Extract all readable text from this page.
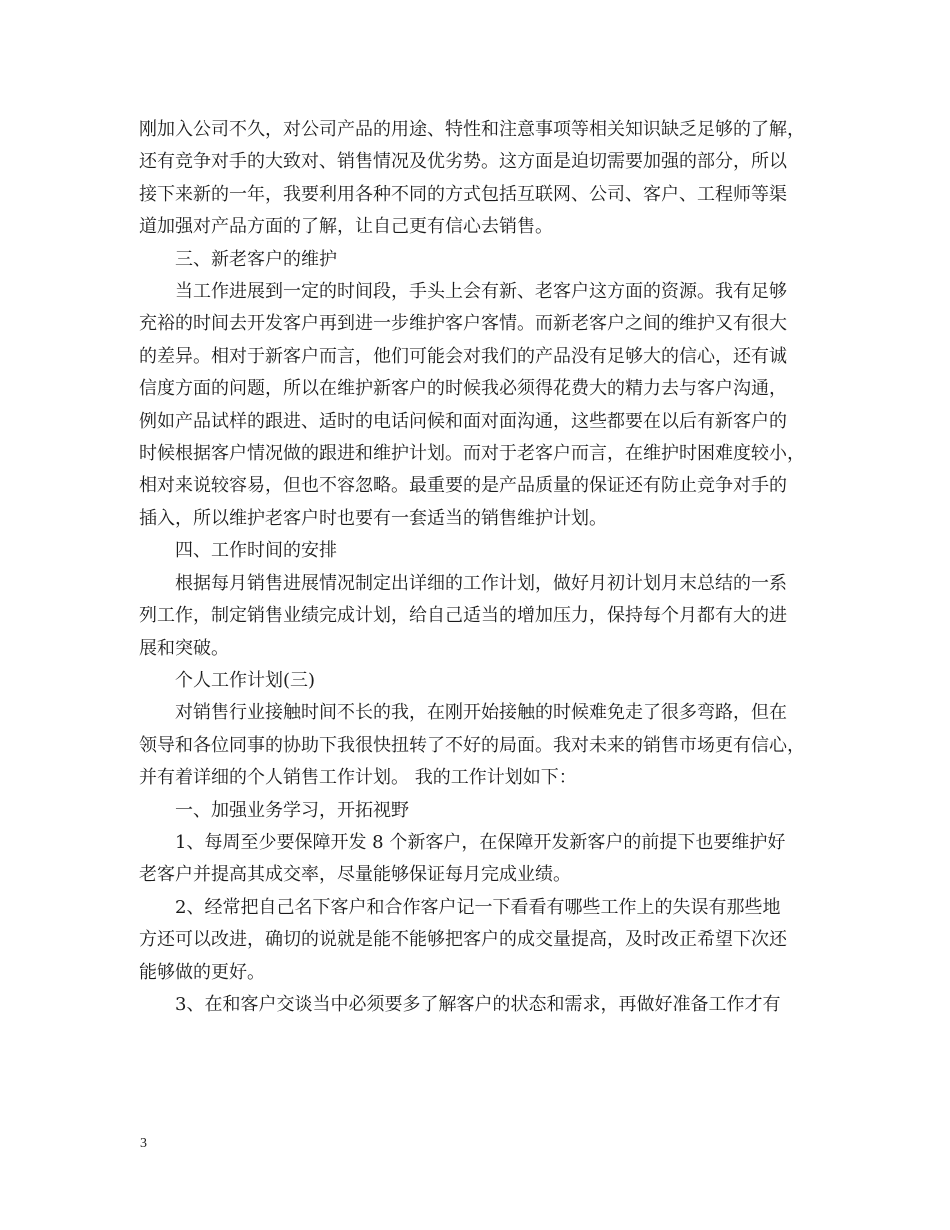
刚加入公司不久，对公司产品的用途、特性和注意事项等相关知识缺乏足够的了解，
还有竞争对手的大致对、销售情况及优劣势。这方面是迫切需要加强的部分，所以
接下来新的一年，我要利用各种不同的方式包括互联网、公司、客户、工程师等渠
道加强对产品方面的了解，让自己更有信心去销售。
三、新老客户的维护
当工作进展到一定的时间段，手头上会有新、老客户这方面的资源。我有足够
充裕的时间去开发客户再到进一步维护客户客情。而新老客户之间的维护又有很大
的差异。相对于新客户而言，他们可能会对我们的产品没有足够大的信心，还有诚
信度方面的问题，所以在维护新客户的时候我必须得花费大的精力去与客户沟通，
例如产品试样的跟进、适时的电话问候和面对面沟通，这些都要在以后有新客户的
时候根据客户情况做的跟进和维护计划。而对于老客户而言，在维护时困难度较小，
相对来说较容易，但也不容忽略。最重要的是产品质量的保证还有防止竞争对手的
插入，所以维护老客户时也要有一套适当的销售维护计划。
四、工作时间的安排
根据每月销售进展情况制定出详细的工作计划，做好月初计划月末总结的一系
列工作，制定销售业绩完成计划，给自己适当的增加压力，保持每个月都有大的进
展和突破。
个人工作计划(三)
对销售行业接触时间不长的我，在刚开始接触的时候难免走了很多弯路，但在
领导和各位同事的协助下我很快扭转了不好的局面。我对未来的销售市场更有信心，
并有着详细的个人销售工作计划。 我的工作计划如下：
一、加强业务学习，开拓视野
1、每周至少要保障开发 8 个新客户，在保障开发新客户的前提下也要维护好
老客户并提高其成交率，尽量能够保证每月完成业绩。
2、经常把自己名下客户和合作客户记一下看看有哪些工作上的失误有那些地
方还可以改进，确切的说就是能不能够把客户的成交量提高，及时改正希望下次还
能够做的更好。
3、在和客户交谈当中必须要多了解客户的状态和需求，再做好准备工作才有
3
